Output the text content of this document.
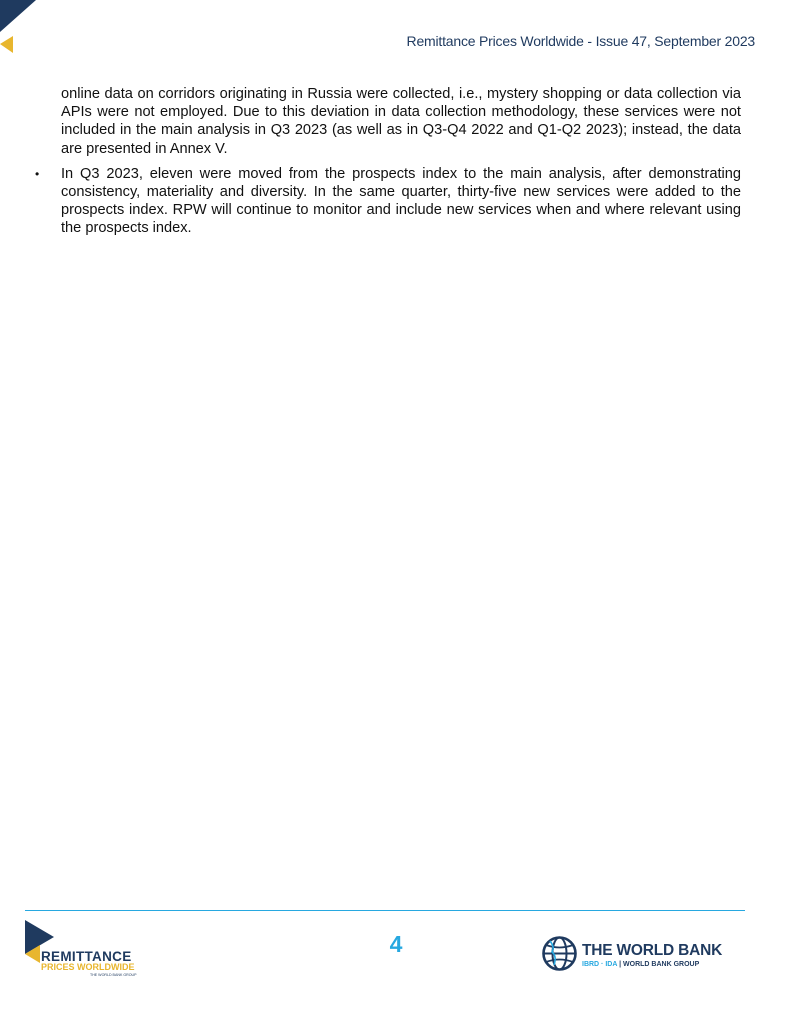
Remittance Prices Worldwide - Issue 47, September 2023

online data on corridors originating in Russia were collected, i.e., mystery shopping or data collection via APIs were not employed. Due to this deviation in data collection methodology, these services were not included in the main analysis in Q3 2023 (as well as in Q3-Q4 2022 and Q1-Q2 2023); instead, the data are presented in Annex V.

• In Q3 2023, eleven were moved from the prospects index to the main analysis, after demonstrating consistency, materiality and diversity. In the same quarter, thirty-five new services were added to the prospects index. RPW will continue to monitor and include new services when and where relevant using the prospects index.
REMITTANCE
PRICES WORLDWIDE
THE WORLD BANK GROUP
4	THE WORLD BANK
IBRD · IDA | WORLD BANK GROUP
